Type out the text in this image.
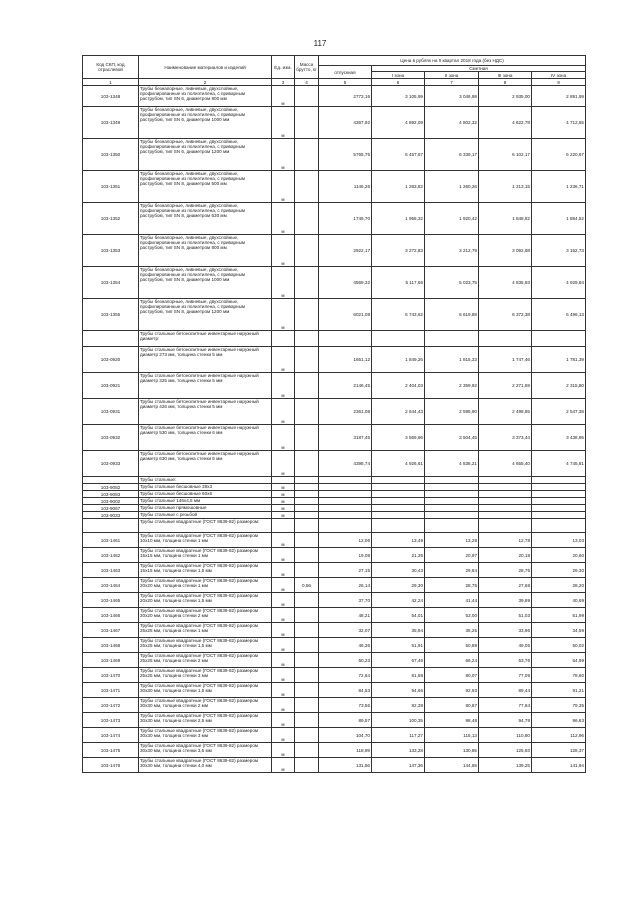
117
Код СКП, код отраслевой	Наименование материалов и изделий	Ед. изм.	Масса брутто, кг	Цена в рублях на II квартал 2018 года (без НДС)				
				отпускная	Сметная			
					I зона	II зона	III зона	IV зона
1	2	3	4	5	6	7	8	9
103-1348	Трубы безнапорные, ливневые, двухслойные, профилированные из полиэтилена, с приварным раструбом, тип SN 6, диаметром 800 мм	м		2773,16	3 105,99	3 046,98	2 935,00	2 891,99
103-1349	Трубы безнапорные, ливневые, двухслойные, профилированные из полиэтилена, с приварным раструбом, тип SN 6, диаметром 1000 мм	м		4367,92	4 892,09	4 802,32	4 622,78	4 712,55
103-1350	Трубы безнапорные, ливневые, двухслойные, профилированные из полиэтилена, с приварным раструбом, тип SN 6, диаметром 1200 мм	м		5765,75	6 457,67	6 339,17	6 102,17	6 220,67
103-1351	Трубы безнапорные, ливневые, двухслойные, профилированные из полиэтилена, с приварным раструбом, тип SN 8, диаметром 500 мм	м		1146,26	1 283,82	1 260,26	1 213,15	1 236,71
103-1352	Трубы безнапорные, ливневые, двухслойные, профилированные из полиэтилена, с приварным раструбом, тип SN 8, диаметром 630 мм	м		1746,70	1 956,32	1 920,42	1 848,62	1 884,52
103-1353	Трубы безнапорные, ливневые, двухслойные, профилированные из полиэтилена, с приварным раструбом, тип SN 8, диаметром 800 мм	м		2922,17	3 272,83	3 212,79	3 092,68	3 152,73
103-1354	Трубы безнапорные, ливневые, двухслойные, профилированные из полиэтилена, с приварным раструбом, тип SN 8, диаметром 1000 мм	м		4569,32	5 117,66	5 023,75	4 835,93	4 929,84
103-1355	Трубы безнапорные, ливневые, двухслойные, профилированные из полиэтилена, с приварным раструбом, тип SN 8, диаметром 1200 мм	м		6021,08	6 743,62	6 619,88	6 372,38	6 496,13
	Трубы стальные бетонолитные инвентарные наружный диаметр:							
103-0920	Трубы стальные бетонолитные инвентарные наружный диаметр 273 мм, толщина стенки 5 мм	м		1651,12	1 849,26	1 815,33	1 747,46	1 781,39
103-0921	Трубы стальные бетонолитные инвентарные наружный диаметр 325 мм, толщина стенки 5 мм	м		2146,45	2 404,03	2 359,92	2 271,69	2 315,80
103-0931	Трубы стальные бетонолитные инвентарные наружный диаметр 426 мм, толщина стенки 5 мм	м		2361,08	2 644,43	2 595,90	2 498,85	2 547,38
103-0932	Трубы стальные бетонолитные инвентарные наружный диаметр 530 мм, толщина стенки 6 мм	м		3187,45	3 569,96	3 504,45	3 373,44	3 438,95
103-0933	Трубы стальные бетонолитные инвентарные наружный диаметр 630 мм, толщина стенки 6 мм	м		4398,74	4 926,61	4 836,21	4 655,40	4 745,81
	Трубы стальные:							
103-9082	Трубы стальные бесшовные 39х3	м						
103-9083	Трубы стальные бесшовные 60х6	м						
103-9002	Трубы стальные 146х4,5 мм	м						
103-9067	Трубы стальные прямошовные	м						
103-9033	Трубы стальные с резьбой	м						
	Трубы стальные квадратные (ГОСТ 8639-82) размером:							
103-1461	Трубы стальные квадратные (ГОСТ 8639-82) размером 10х10 мм, толщина стенки 1 мм	м		12,06	13,49	13,28	12,78	13,03
103-1462	Трубы стальные квадратные (ГОСТ 8639-82) размером 15х15 мм, толщина стенки 1 мм	м		19,08	21,35	20,97	20,18	20,60
103-1463	Трубы стальные квадратные (ГОСТ 8639-82) размером 15х15 мм, толщина стенки 1,5 мм	м		27,15	30,43	29,84	28,75	29,30
103-1464	Трубы стальные квадратные (ГОСТ 8639-82) размером 20х20 мм, толщина стенки 1 мм	м	0,56	26,14	29,30	28,75	27,68	28,20
103-1465	Трубы стальные квадратные (ГОСТ 8639-82) размером 20х20 мм, толщина стенки 1,5 мм	м		37,70	42,24	41,44	39,89	40,69
103-1466	Трубы стальные квадратные (ГОСТ 8639-82) размером 20х20 мм, толщина стенки 2 мм	м		48,21	54,01	53,00	51,03	51,99
103-1467	Трубы стальные квадратные (ГОСТ 8639-82) размером 25х25 мм, толщина стенки 1 мм	м		32,07	35,94	35,25	33,96	34,59
103-1468	Трубы стальные квадратные (ГОСТ 8639-82) размером 25х25 мм, толщина стенки 1,5 мм	м		46,36	51,91	50,89	49,05	50,02
103-1469	Трубы стальные квадратные (ГОСТ 8639-82) размером 25х25 мм, толщина стенки 2 мм	м		60,23	67,46	66,24	63,76	64,99
103-1470	Трубы стальные квадратные (ГОСТ 8639-82) размером 25х25 мм, толщина стенки 3 мм	м		72,84	81,58	80,07	77,09	78,60
103-1471	Трубы стальные квадратные (ГОСТ 8639-82) размером 30х30 мм, толщина стенки 1,5 мм	м		84,53	94,66	92,93	89,44	91,21
103-1472	Трубы стальные квадратные (ГОСТ 8639-82) размером 30х30 мм, толщина стенки 2 мм	м		73,56	82,38	80,87	77,84	79,35
103-1473	Трубы стальные квадратные (ГОСТ 8639-82) размером 30х30 мм, толщина стенки 2,5 мм	м		89,57	100,35	98,48	94,78	96,63
103-1474	Трубы стальные квадратные (ГОСТ 8639-82) размером 30х30 мм, толщина стенки 3 мм	м		104,70	117,27	115,13	110,80	112,96
103-1475	Трубы стальные квадратные (ГОСТ 8639-82) размером 30х30 мм, толщина стенки 3,5 мм	м		118,99	133,28	130,85	125,93	128,37
103-1476	Трубы стальные квадратные (ГОСТ 8639-82) размером 30х30 мм, толщина стенки 4,0 мм	м		131,56	147,36	144,65	139,25	141,94
